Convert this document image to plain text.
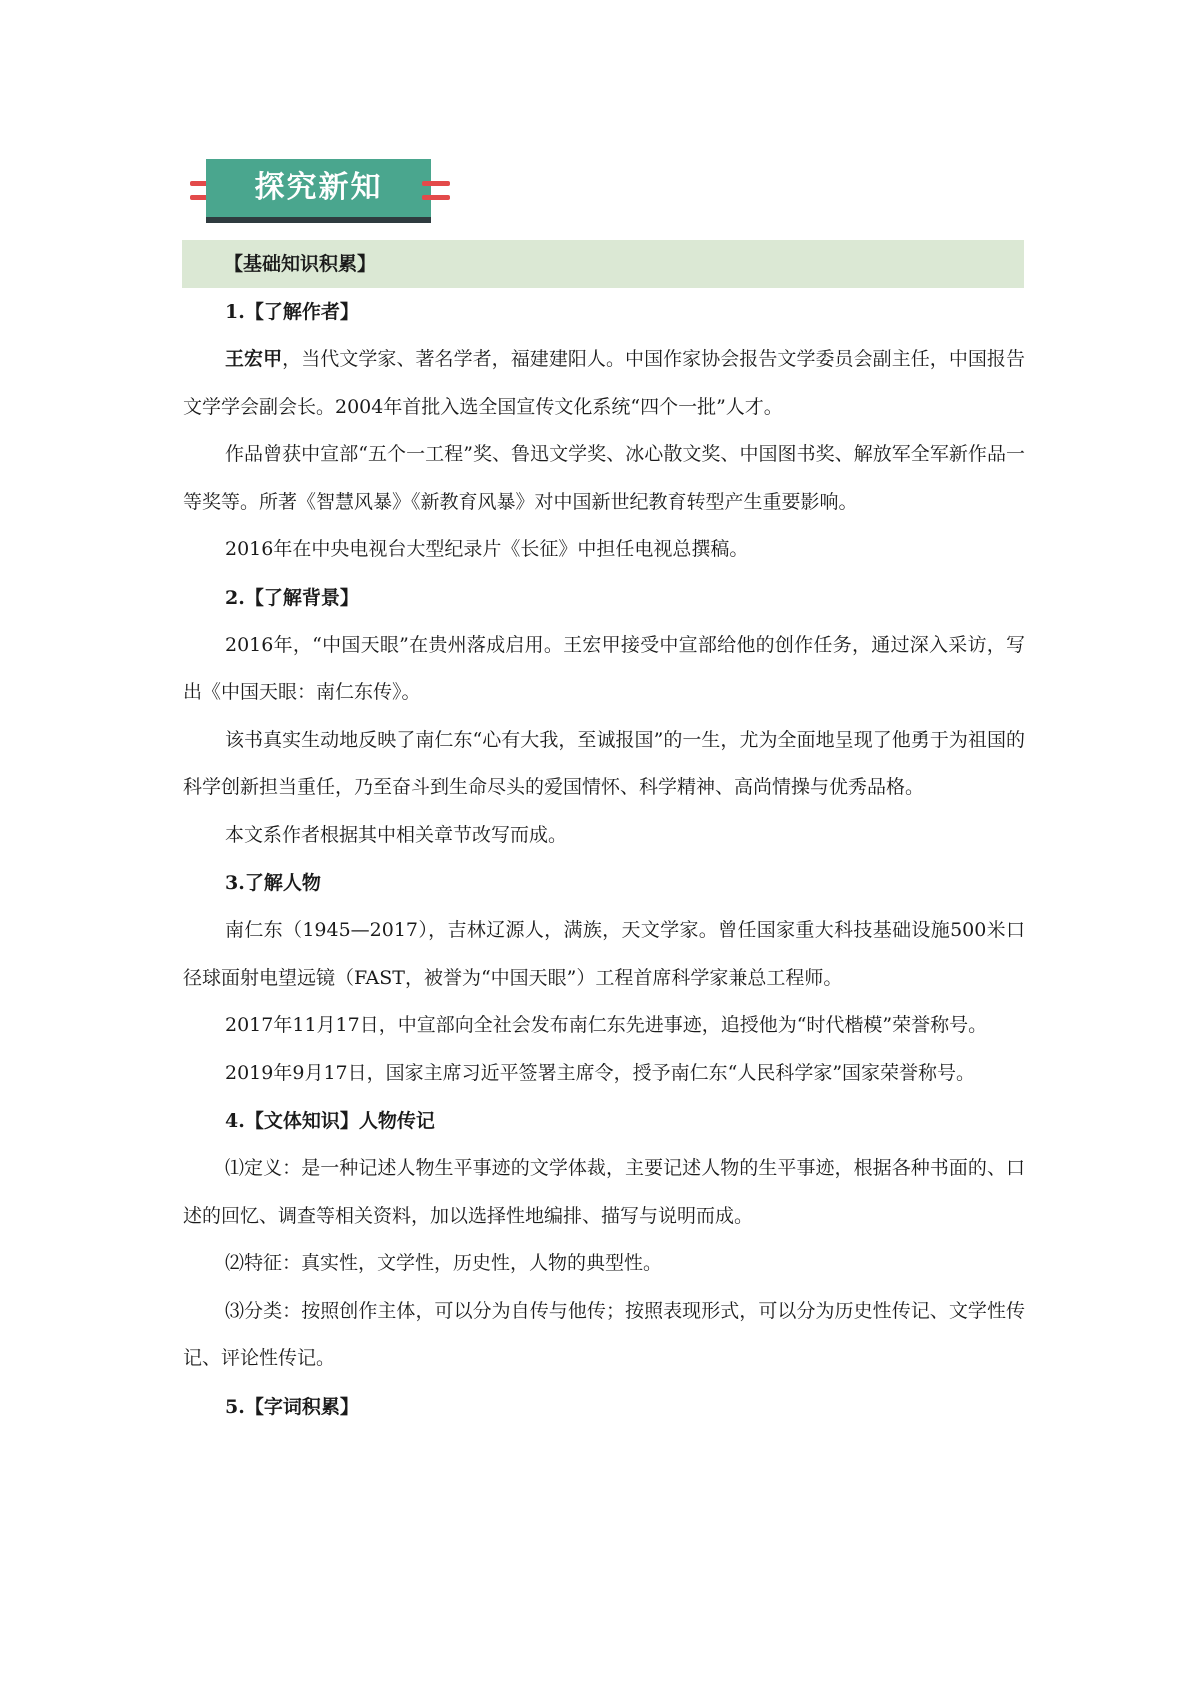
探究新知
【基础知识积累】

1.【了解作者】

王宏甲，当代文学家、著名学者，福建建阳人。中国作家协会报告文学委员会副主任，中国报告文学学会副会长。2004年首批入选全国宣传文化系统“四个一批”人才。

作品曾获中宣部“五个一工程”奖、鲁迅文学奖、冰心散文奖、中国图书奖、解放军全军新作品一等奖等。所著《智慧风暴》《新教育风暴》对中国新世纪教育转型产生重要影响。

2016年在中央电视台大型纪录片《长征》中担任电视总撰稿。

2.【了解背景】

2016年，“中国天眼”在贵州落成启用。王宏甲接受中宣部给他的创作任务，通过深入采访，写出《中国天眼：南仁东传》。

该书真实生动地反映了南仁东“心有大我，至诚报国”的一生，尤为全面地呈现了他勇于为祖国的科学创新担当重任，乃至奋斗到生命尽头的爱国情怀、科学精神、高尚情操与优秀品格。

本文系作者根据其中相关章节改写而成。

3.了解人物

南仁东（1945—2017），吉林辽源人，满族，天文学家。曾任国家重大科技基础设施500米口径球面射电望远镜（FAST，被誉为“中国天眼”）工程首席科学家兼总工程师。

2017年11月17日，中宣部向全社会发布南仁东先进事迹，追授他为“时代楷模”荣誉称号。

2019年9月17日，国家主席习近平签署主席令，授予南仁东“人民科学家”国家荣誉称号。

4.【文体知识】人物传记

⑴定义：是一种记述人物生平事迹的文学体裁，主要记述人物的生平事迹，根据各种书面的、口述的回忆、调查等相关资料，加以选择性地编排、描写与说明而成。

⑵特征：真实性，文学性，历史性，人物的典型性。

⑶分类：按照创作主体，可以分为自传与他传；按照表现形式，可以分为历史性传记、文学性传记、评论性传记。

5.【字词积累】
